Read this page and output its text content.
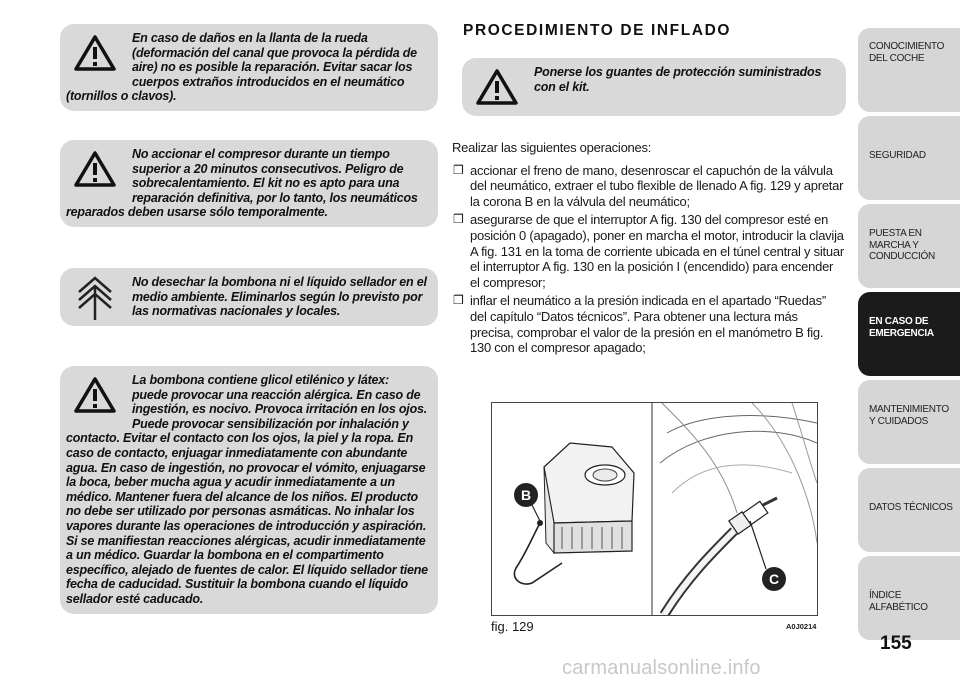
En caso de daños en la llanta de la rueda (deformación del canal que provoca la pérdida de aire) no es posible la reparación. Evitar sacar los cuerpos extraños introducidos en el neumático (tornillos o clavos).
No accionar el compresor durante un tiempo superior a 20 minutos consecutivos. Peligro de sobrecalentamiento. El kit no es apto para una reparación definitiva, por lo tanto, los neumáticos reparados deben usarse sólo temporalmente.
No desechar la bombona ni el líquido sellador en el medio ambiente. Eliminarlos según lo previsto por las normativas nacionales y locales.
La bombona contiene glicol etilénico y látex: puede provocar una reacción alérgica. En caso de ingestión, es nocivo. Provoca irritación en los ojos. Puede provocar sensibilización por inhalación y contacto. Evitar el contacto con los ojos, la piel y la ropa. En caso de contacto, enjuagar inmediatamente con abundante agua. En caso de ingestión, no provocar el vómito, enjuagarse la boca, beber mucha agua y acudir inmediatamente a un médico. Mantener fuera del alcance de los niños. El producto no debe ser utilizado por personas asmáticas. No inhalar los vapores durante las operaciones de introducción y aspiración. Si se manifiestan reacciones alérgicas, acudir inmediatamente a un médico. Guardar la bombona en el compartimento específico, alejado de fuentes de calor. El líquido sellador tiene fecha de caducidad. Sustituir la bombona cuando el líquido sellador esté caducado.
PROCEDIMIENTO DE INFLADO
Ponerse los guantes de protección suministrados con el kit.

Realizar las siguientes operaciones:

❒ accionar el freno de mano, desenroscar el capuchón de la válvula del neumático, extraer el tubo flexible de llenado A fig. 129 y apretar la corona B en la válvula del neumático;
❒ asegurarse de que el interruptor A fig. 130 del compresor esté en posición 0 (apagado), poner en marcha el motor, introducir la clavija A fig. 131 en la toma de corriente ubicada en el túnel central y situar el interruptor A fig. 130 en la posición I (encendido) para encender el compresor;
❒ inflar el neumático a la presión indicada en el apartado “Ruedas” del capítulo “Datos técnicos”. Para obtener una lectura más precisa, comprobar el valor de la presión en el manómetro B fig. 130 con el compresor apagado;
B
C
fig. 129	A0J0214
CONOCIMIENTO DEL COCHE
SEGURIDAD
PUESTA EN MARCHA Y CONDUCCIÓN
EN CASO DE EMERGENCIA
MANTENIMIENTO Y CUIDADOS
DATOS TÉCNICOS
ÍNDICE ALFABÉTICO
155
carmanualsonline.info
